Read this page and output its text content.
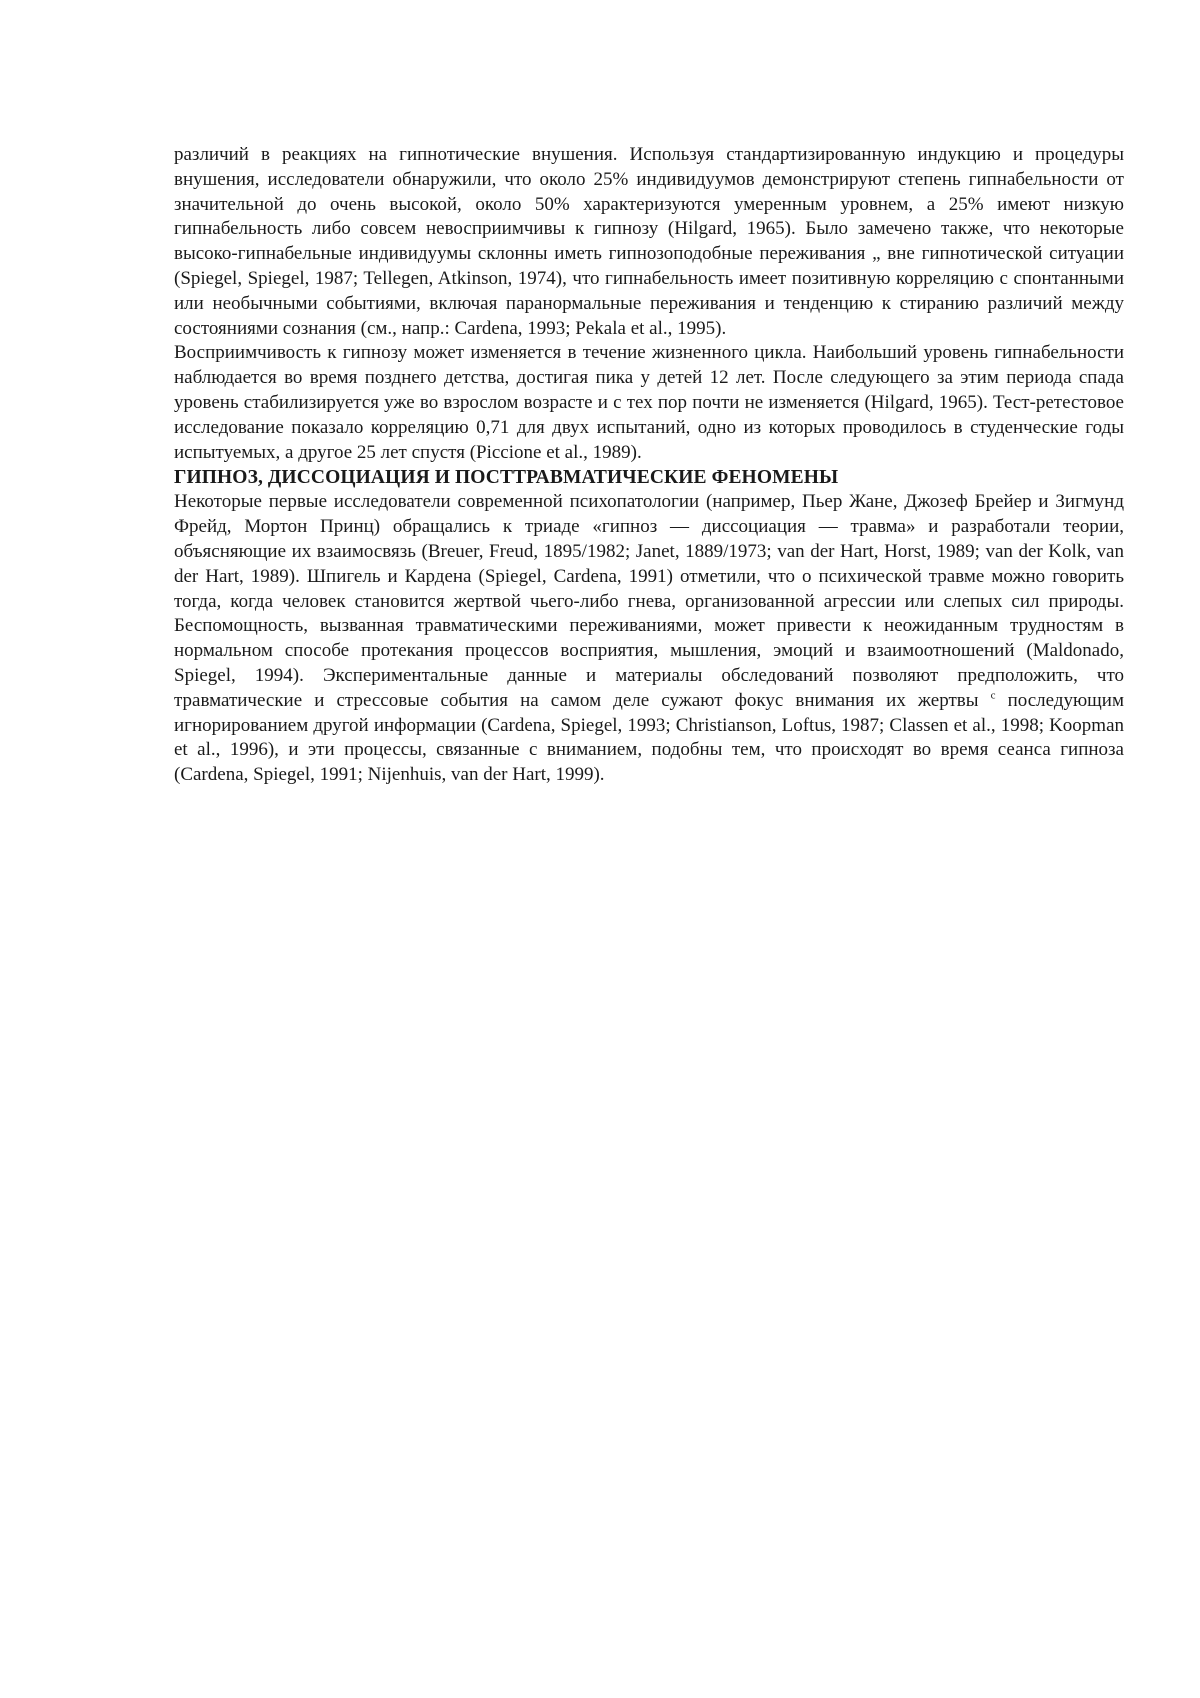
различий в реакциях на гипнотические внушения. Используя стандартизированную индукцию и процедуры внушения, исследователи обнаружили, что около 25% индивидуумов демонстрируют степень гипнабельности от значительной до очень высокой, около 50% характеризуются умеренным уровнем, а 25% имеют низкую гипнабельность либо совсем невосприимчивы к гипнозу (Hilgard, 1965). Было замечено также, что некоторые высоко-гипнабельные индивидуумы склонны иметь гипнозоподобные переживания „ вне гипнотической ситуации (Spiegel, Spiegel, 1987; Tellegen, Atkinson, 1974), что гипнабельность имеет позитивную корреляцию с спонтанными или необычными событиями, включая паранормальные переживания и тенденцию к стиранию различий между состояниями сознания (см., напр.: Cardena, 1993; Pekala et al., 1995).

Восприимчивость к гипнозу может изменяется в течение жизненного цикла. Наибольший уровень гипнабельности наблюдается во время позднего детства, достигая пика у детей 12 лет. После следующего за этим периода спада уровень стабилизируется уже во взрослом возрасте и с тех пор почти не изменяется (Hilgard, 1965). Тест-ретестовое исследование показало корреляцию 0,71 для двух испытаний, одно из которых проводилось в студенческие годы испытуемых, а другое 25 лет спустя (Piccione et al., 1989).

ГИПНОЗ, ДИССОЦИАЦИЯ И ПОСТТРАВМАТИЧЕСКИЕ ФЕНОМЕНЫ

Некоторые первые исследователи современной психопатологии (например, Пьер Жане, Джозеф Брейер и Зигмунд Фрейд, Мортон Принц) обращались к триаде «гипноз — диссоциация — травма» и разработали теории, объясняющие их взаимосвязь (Breuer, Freud, 1895/1982; Janet, 1889/1973; van der Hart, Horst, 1989; van der Kolk, van der Hart, 1989). Шпигель и Кардена (Spiegel, Cardena, 1991) отметили, что о психической травме можно говорить тогда, когда человек становится жертвой чьего-либо гнева, организованной агрессии или слепых сил природы. Беспомощность, вызванная травматическими переживаниями, может привести к неожиданным трудностям в нормальном способе протекания процессов восприятия, мышления, эмоций и взаимоотношений (Maldonado, Spiegel, 1994). Экспериментальные данные и материалы обследований позволяют предположить, что травматические и стрессовые события на самом деле сужают фокус внимания их жертвы $^с$ последующим игнорированием другой информации (Cardena, Spiegel, 1993; Christianson, Loftus, 1987; Classen et al., 1998; Koopman et al., 1996), и эти процессы, связанные с вниманием, подобны тем, что происходят во время сеанса гипноза (Cardena, Spiegel, 1991; Nijenhuis, van der Hart, 1999).
